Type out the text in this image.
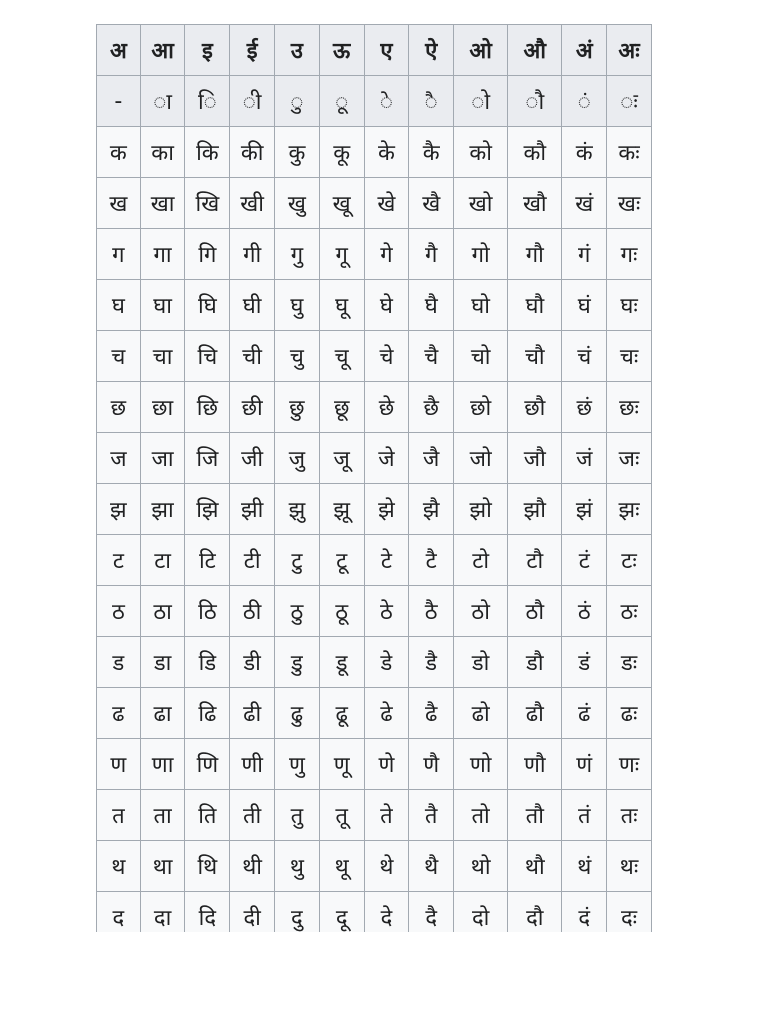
अ	आ	इ	ई	उ	ऊ	ए	ऐ	ओ	औ	अं	अः
-	◌ा	◌ि	◌ी	◌ु	◌ू	◌े	◌ै	◌ो	◌ौ	◌ं	◌ः
क	का	कि	की	कु	कू	के	कै	को	कौ	कं	कः
ख	खा	खि	खी	खु	खू	खे	खै	खो	खौ	खं	खः
ग	गा	गि	गी	गु	गू	गे	गै	गो	गौ	गं	गः
घ	घा	घि	घी	घु	घू	घे	घै	घो	घौ	घं	घः
च	चा	चि	ची	चु	चू	चे	चै	चो	चौ	चं	चः
छ	छा	छि	छी	छु	छू	छे	छै	छो	छौ	छं	छः
ज	जा	जि	जी	जु	जू	जे	जै	जो	जौ	जं	जः
झ	झा	झि	झी	झु	झू	झे	झै	झो	झौ	झं	झः
ट	टा	टि	टी	टु	टू	टे	टै	टो	टौ	टं	टः
ठ	ठा	ठि	ठी	ठु	ठू	ठे	ठै	ठो	ठौ	ठं	ठः
ड	डा	डि	डी	डु	डू	डे	डै	डो	डौ	डं	डः
ढ	ढा	ढि	ढी	ढु	ढू	ढे	ढै	ढो	ढौ	ढं	ढः
ण	णा	णि	णी	णु	णू	णे	णै	णो	णौ	णं	णः
त	ता	ति	ती	तु	तू	ते	तै	तो	तौ	तं	तः
थ	था	थि	थी	थु	थू	थे	थै	थो	थौ	थं	थः
द	दा	दि	दी	दु	दू	दे	दै	दो	दौ	दं	दः
